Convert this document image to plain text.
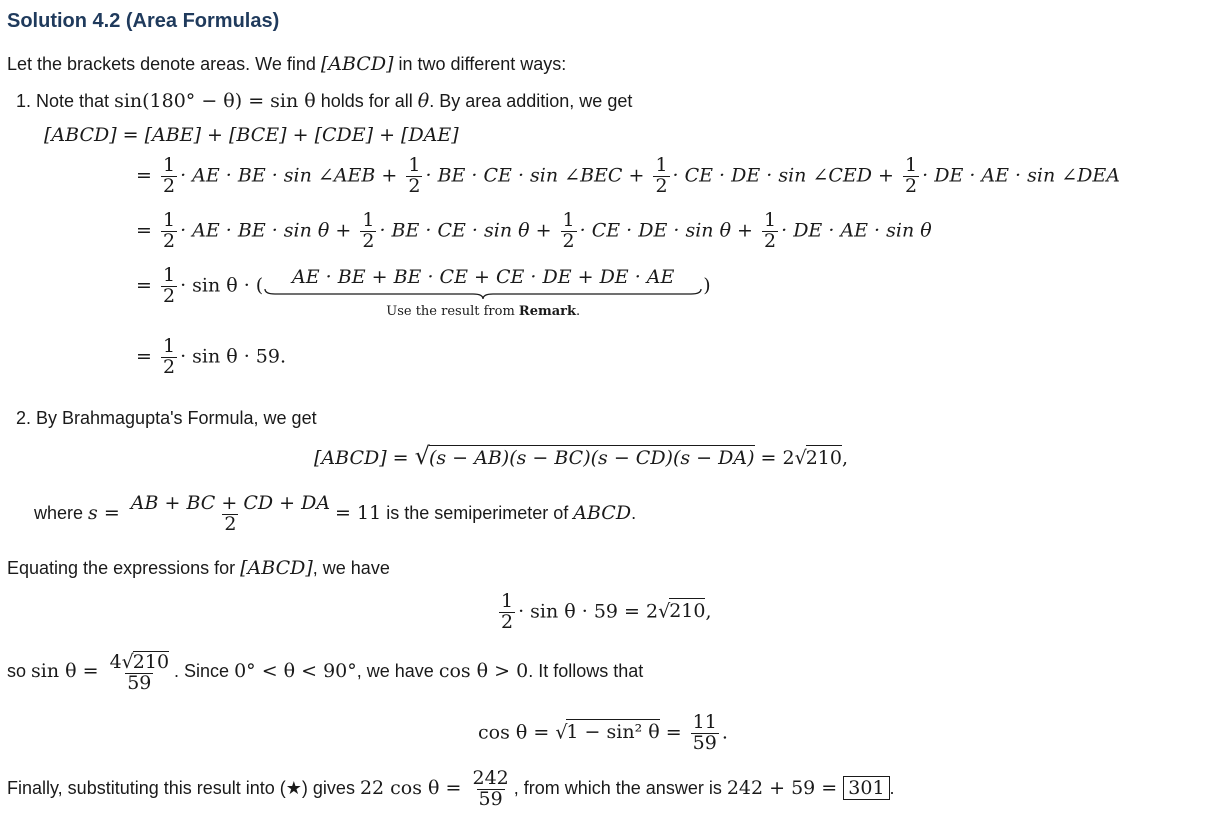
Solution 4.2 (Area Formulas)
Let the brackets denote areas. We find [ABCD] in two different ways:
1. Note that sin(180° − θ) = sin θ holds for all θ. By area addition, we get
[ABCD] = [ABE] + [BCE] + [CDE] + [DAE]
= $\frac{1}{2}$ · AE · BE · sin ∠AEB + $\frac{1}{2}$ · BE · CE · sin ∠BEC + $\frac{1}{2}$ · CE · DE · sin ∠CED + $\frac{1}{2}$ · DE · AE · sin ∠DEA
= $\frac{1}{2}$ · AE · BE · $\sin \theta + \frac{1}{2}$ · BE · CE · $\sin \theta + \frac{1}{2}$ · CE · DE · $\sin \theta + \frac{1}{2}$ · DE · AE · sin θ
= $\frac{1}{2} \cdot \sin \theta$ · ( AE · BE + BE · CE + CE · DE + DE · AE
Use the result from Remark.
)
= $\frac{1}{2} \cdot \sin \theta \cdot 59$.
2. By Brahmagupta's Formula, we get
[ABCD] = √(s − AB)(s − BC)(s − CD)(s − DA) = 2√210,
where $s = \frac{AB + BC + CD + DA}{2} = 11$ is the semiperimeter of ABCD.
Equating the expressions for [ABCD], we have
$\frac{1}{2} \cdot \sin \theta \cdot 59 = 2√210$,
so $\sin \theta = \frac{4√210}{59}$ . Since 0° < θ < 90°, we have cos θ > 0. It follows that
cos θ = √1 − sin² $\theta = \frac{11}{59}$ .
Finally, substituting this result into (★) gives 22 $\cos \theta = \frac{242}{59}$ , from which the answer is 242 + 59 = 301 .
